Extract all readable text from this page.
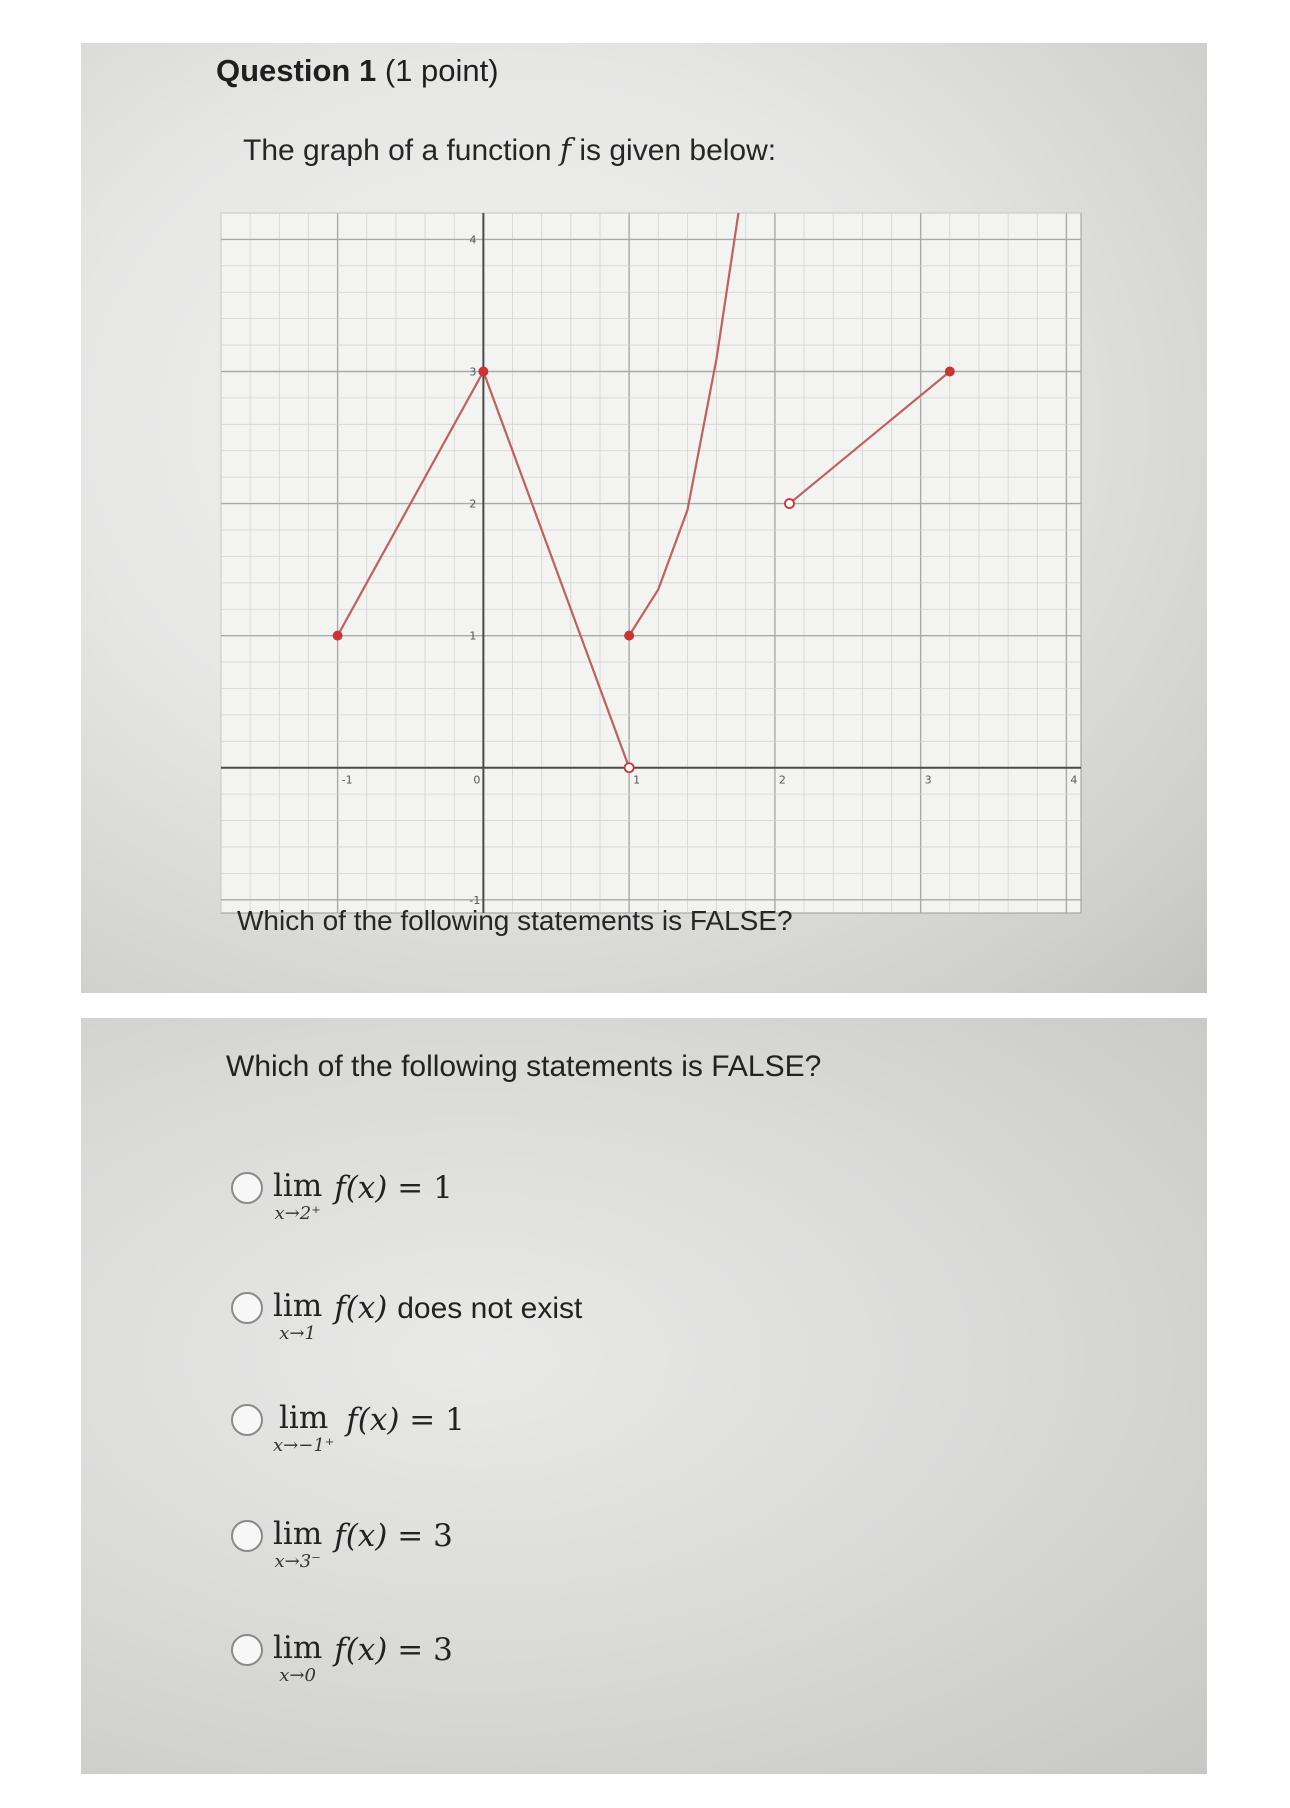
Question 1 (1 point)
The graph of a function f is given below:
-1	0	1	2	3	4
-1
1
2
3
4
Which of the following statements is FALSE?
Which of the following statements is FALSE?
lim
x→2⁺
f(x) = 1
lim
x→1
f(x) does not exist
lim
x→−1⁺
f(x) = 1
lim
x→3⁻
f(x) = 3
lim
x→0
f(x) = 3
